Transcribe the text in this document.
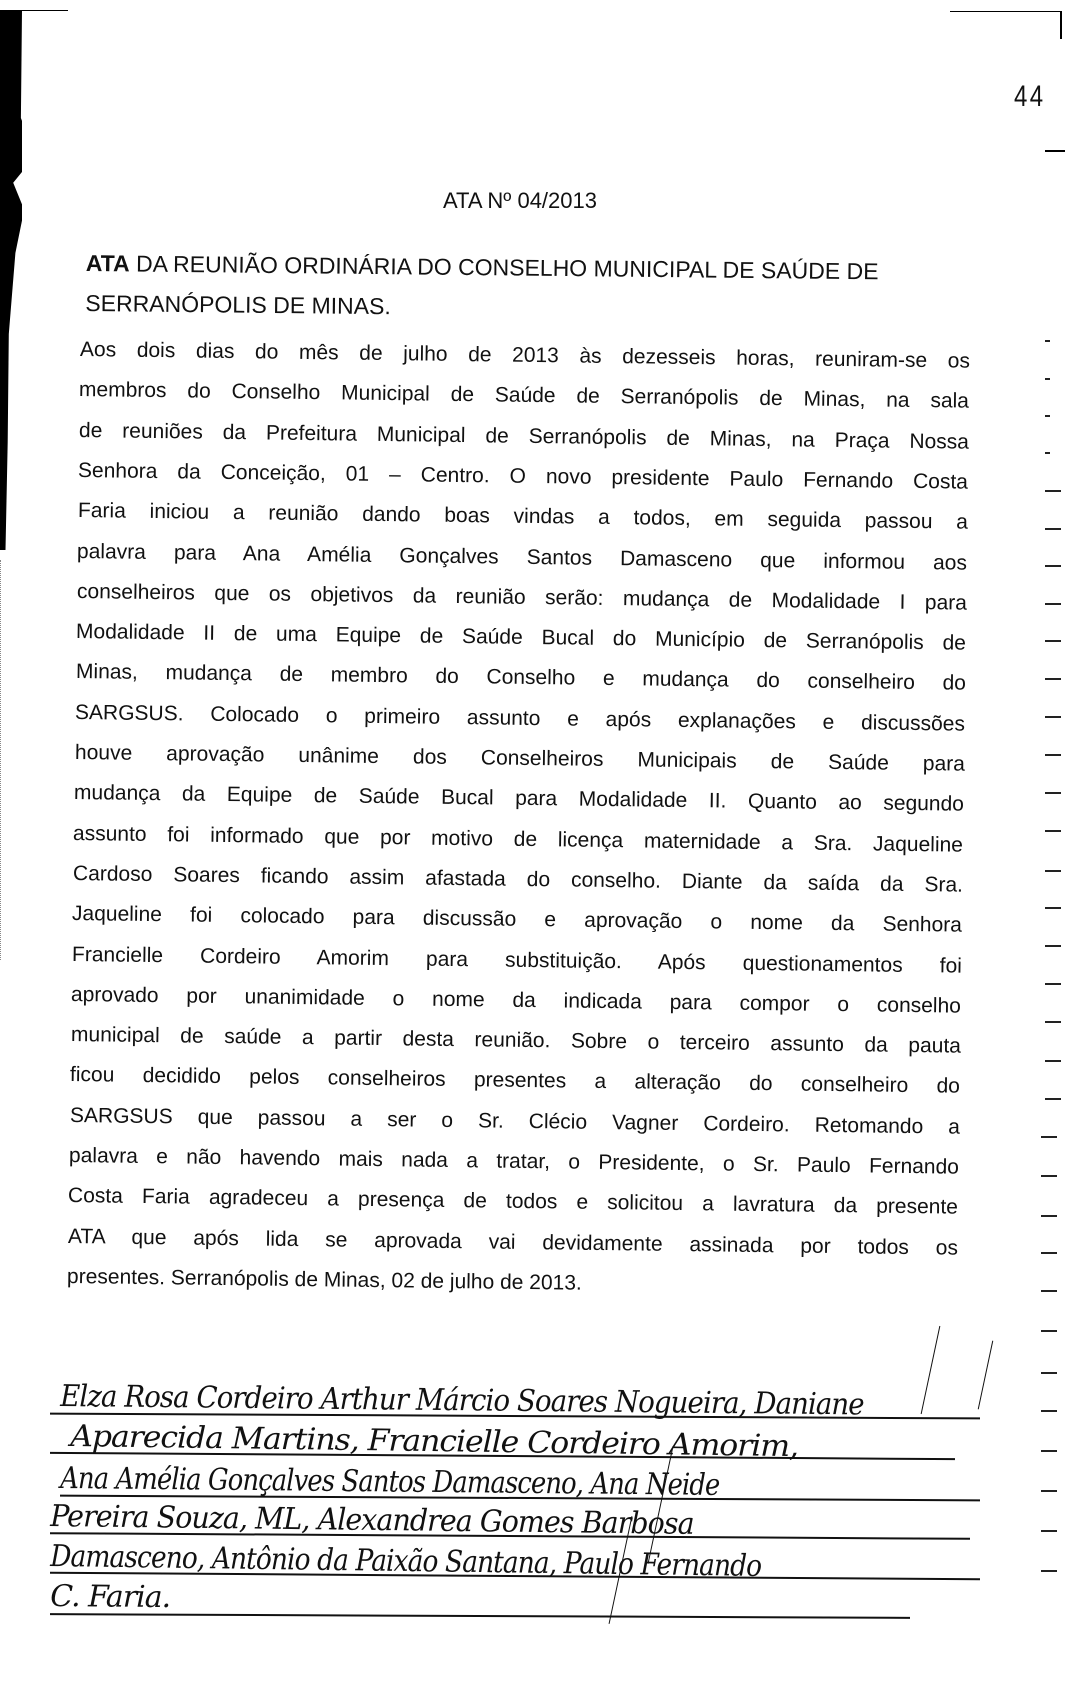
44
ATA Nº 04/2013
ATA DA REUNIÃO ORDINÁRIA DO CONSELHO MUNICIPAL DE SAÚDE DE
SERRANÓPOLIS DE MINAS.
Aos dois dias do mês de julho de 2013 às dezesseis horas, reuniram-se os
membros do Conselho Municipal de Saúde de Serranópolis de Minas, na sala
de reuniões da Prefeitura Municipal de Serranópolis de Minas, na Praça Nossa
Senhora da Conceição, 01 – Centro. O novo presidente Paulo Fernando Costa
Faria iniciou a reunião dando boas vindas a todos, em seguida passou a
palavra para Ana Amélia Gonçalves Santos Damasceno que informou aos
conselheiros que os objetivos da reunião serão: mudança de Modalidade I para
Modalidade II de uma Equipe de Saúde Bucal do Município de Serranópolis de
Minas, mudança de membro do Conselho e mudança do conselheiro do
SARGSUS. Colocado o primeiro assunto e após explanações e discussões
houve aprovação unânime dos Conselheiros Municipais de Saúde para
mudança da Equipe de Saúde Bucal para Modalidade II. Quanto ao segundo
assunto foi informado que por motivo de licença maternidade a Sra. Jaqueline
Cardoso Soares ficando assim afastada do conselho. Diante da saída da Sra.
Jaqueline foi colocado para discussão e aprovação o nome da Senhora
Francielle Cordeiro Amorim para substituição. Após questionamentos foi
aprovado por unanimidade o nome da indicada para compor o conselho
municipal de saúde a partir desta reunião. Sobre o terceiro assunto da pauta
ficou decidido pelos conselheiros presentes a alteração do conselheiro do
SARGSUS que passou a ser o Sr. Clécio Vagner Cordeiro. Retomando a
palavra e não havendo mais nada a tratar, o Presidente, o Sr. Paulo Fernando
Costa Faria agradeceu a presença de todos e solicitou a lavratura da presente
ATA que após lida se aprovada vai devidamente assinada por todos os
presentes. Serranópolis de Minas, 02 de julho de 2013.
Elza Rosa Cordeiro Arthur Márcio Soares Nogueira, Daniane
Aparecida Martins, Francielle Cordeiro Amorim,
Ana Amélia Gonçalves Santos Damasceno, Ana Neide
Pereira Souza, ML, Alexandrea Gomes Barbosa
Damasceno, Antônio da Paixão Santana, Paulo Fernando
C. Faria.
